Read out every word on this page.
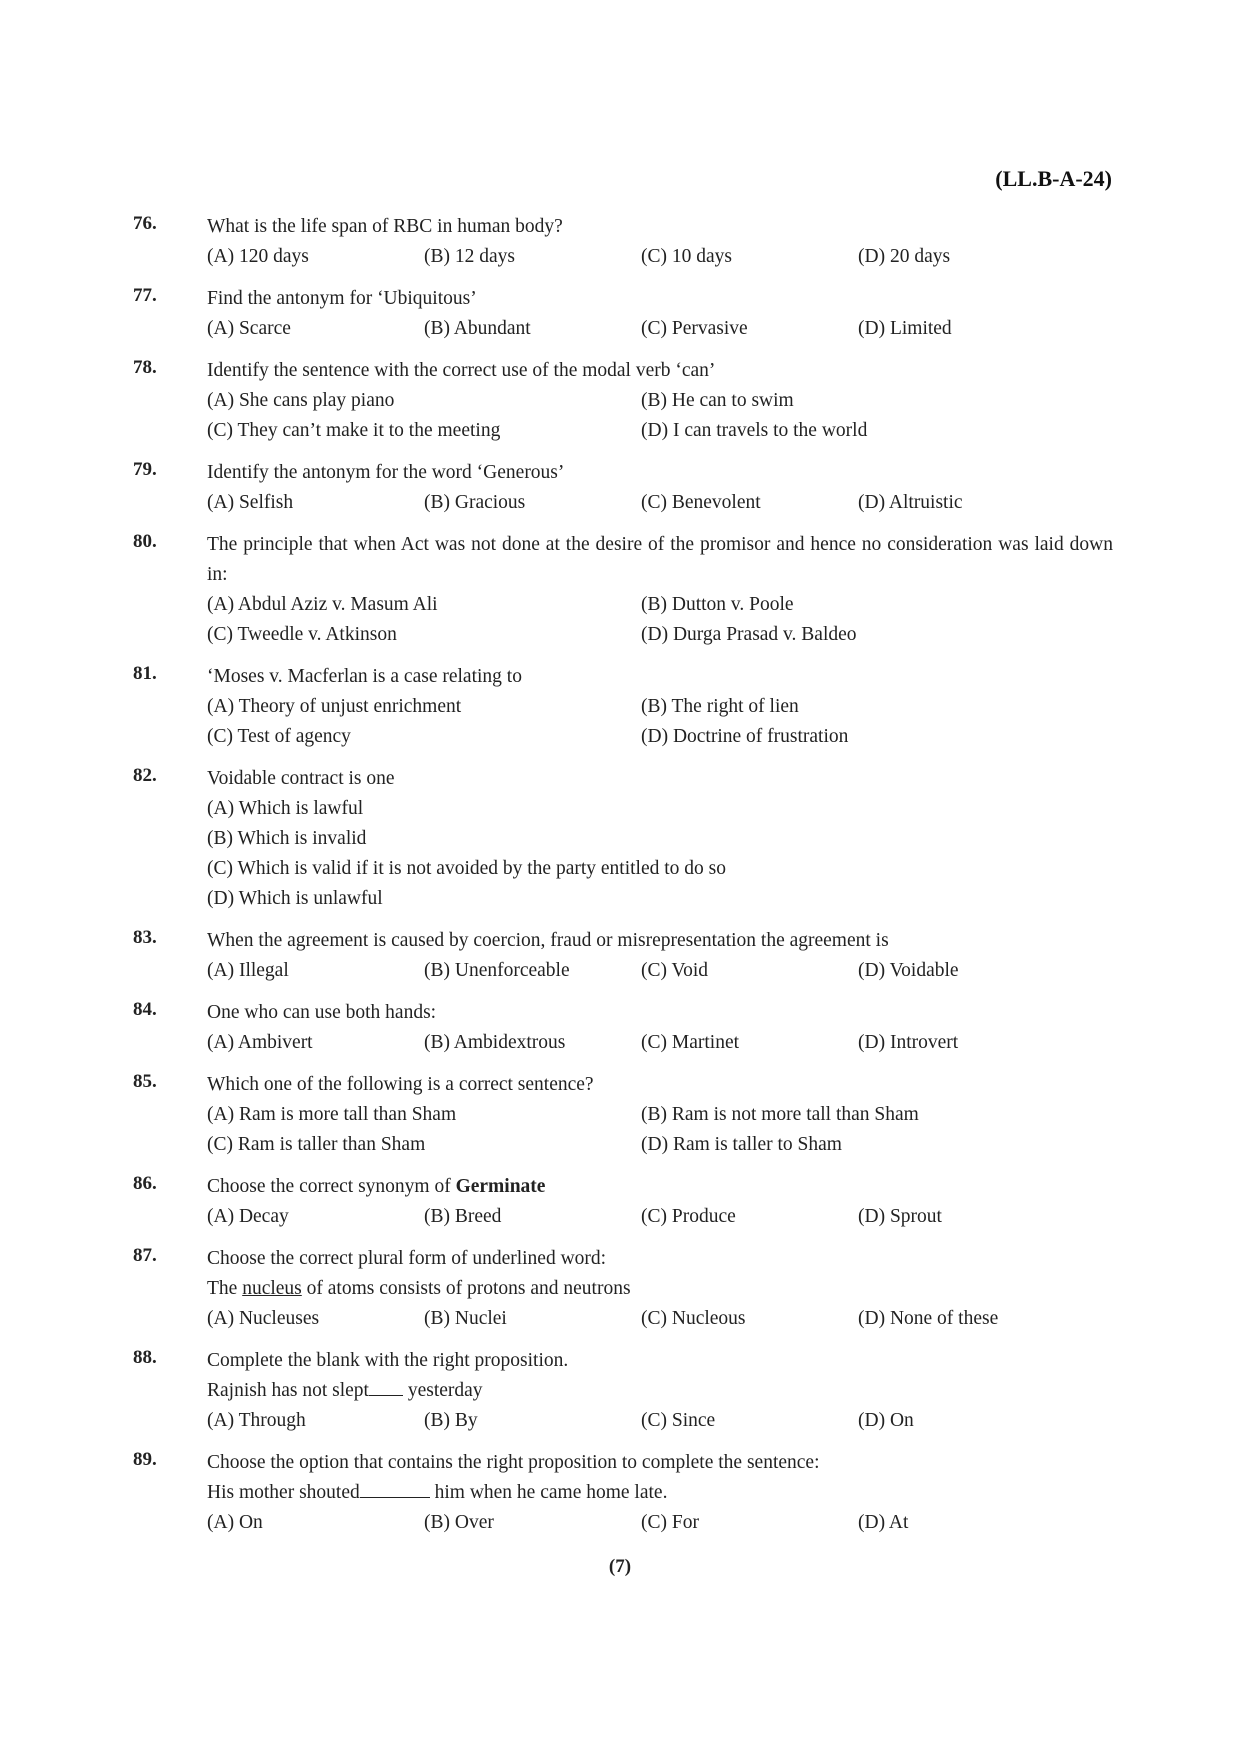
(LL.B-A-24)
76.	What is the life span of RBC in human body?
(A) 120 days	(B) 12 days	(C) 10 days	(D) 20 days
77.	Find the antonym for ‘Ubiquitous’
(A) Scarce	(B) Abundant	(C) Pervasive	(D) Limited
78.	Identify the sentence with the correct use of the modal verb ‘can’
(A) She cans play piano	(B) He can to swim
(C) They can’t make it to the meeting	(D) I can travels to the world
79.	Identify the antonym for the word ‘Generous’
(A) Selfish	(B) Gracious	(C) Benevolent	(D) Altruistic
80.	The principle that when Act was not done at the desire of the promisor and hence no consideration was laid down in:
(A) Abdul Aziz v. Masum Ali	(B) Dutton v. Poole
(C) Tweedle v. Atkinson	(D) Durga Prasad v. Baldeo
81.	‘Moses v. Macferlan is a case relating to
(A) Theory of unjust enrichment	(B) The right of lien
(C) Test of agency	(D) Doctrine of frustration
82.	Voidable contract is one
(A) Which is lawful
(B) Which is invalid
(C) Which is valid if it is not avoided by the party entitled to do so
(D) Which is unlawful
83.	When the agreement is caused by coercion, fraud or misrepresentation the agreement is
(A) Illegal	(B) Unenforceable	(C) Void	(D) Voidable
84.	One who can use both hands:
(A) Ambivert	(B) Ambidextrous	(C) Martinet	(D) Introvert
85.	Which one of the following is a correct sentence?
(A) Ram is more tall than Sham	(B) Ram is not more tall than Sham
(C) Ram is taller than Sham	(D) Ram is taller to Sham
86.	Choose the correct synonym of Germinate
(A) Decay	(B) Breed	(C) Produce	(D) Sprout
87.	Choose the correct plural form of underlined word:
The nucleus of atoms consists of protons and neutrons
(A) Nucleuses	(B) Nuclei	(C) Nucleous	(D) None of these
88.	Complete the blank with the right proposition.
Rajnish has not slept yesterday
(A) Through	(B) By	(C) Since	(D) On
89.	Choose the option that contains the right proposition to complete the sentence:
His mother shouted	him when he came home late.
(A) On	(B) Over	(C) For	(D) At
(7)
